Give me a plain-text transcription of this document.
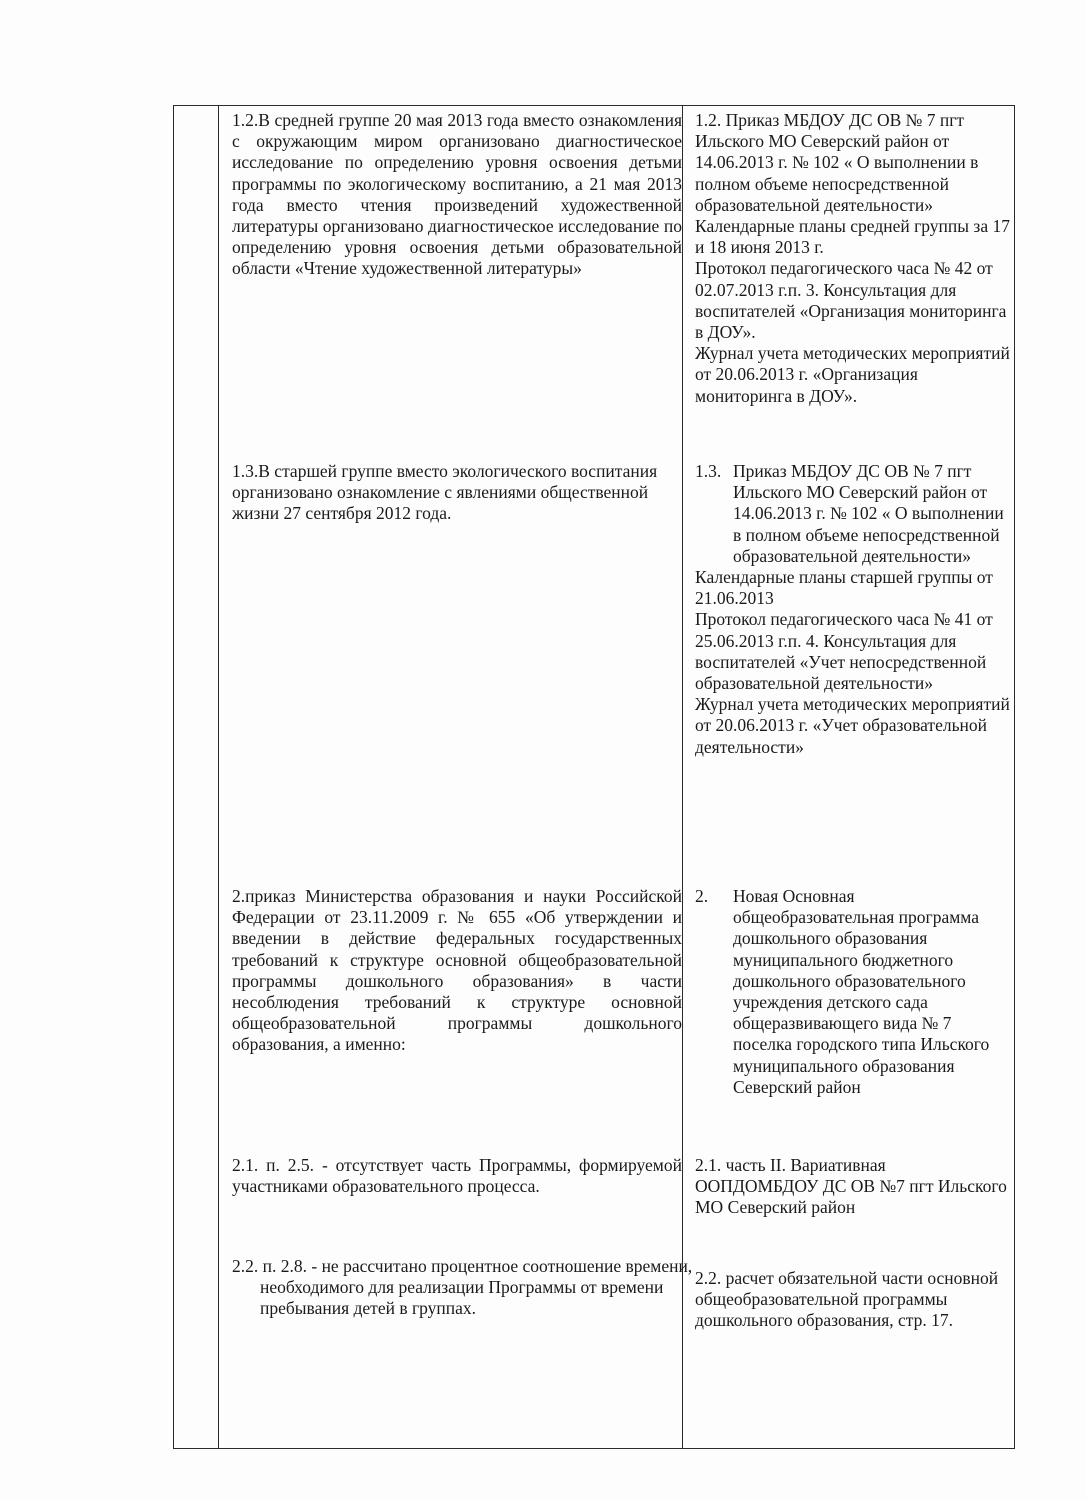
1.2.В средней группе 20 мая 2013 года вместо ознакомления с окружающим миром организовано диагностическое исследование по определению уровня освоения детьми программы по экологическому воспитанию, а 21 мая 2013 года вместо чтения произведений художественной литературы организовано диагностическое исследование по определению уровня освоения детьми образовательной области «Чтение художественной литературы»
1.2. Приказ МБДОУ ДС ОВ № 7 пгт Ильского МО Северский район от 14.06.2013 г. № 102 « О выполнении в полном объеме непосредственной образовательной деятельности»
Календарные планы средней группы за 17 и 18 июня 2013 г.
Протокол педагогического часа № 42 от 02.07.2013 г.п. 3. Консультация для воспитателей «Организация мониторинга в ДОУ».
Журнал учета методических мероприятий от 20.06.2013 г. «Организация мониторинга в ДОУ».
1.3.В старшей группе вместо экологического воспитания организовано ознакомление с явлениями общественной жизни 27 сентября 2012 года.
1.3. Приказ МБДОУ ДС ОВ № 7 пгт Ильского МО Северский район от 14.06.2013 г. № 102 « О выполнении в полном объеме непосредственной образовательной деятельности»
Календарные планы старшей группы от 21.06.2013
Протокол педагогического часа № 41 от 25.06.2013 г.п. 4. Консультация для воспитателей «Учет непосредственной образовательной деятельности»
Журнал учета методических мероприятий от 20.06.2013 г. «Учет образовательной деятельности»
2.приказ Министерства образования и науки Российской Федерации от 23.11.2009 г. № 655 «Об утверждении и введении в действие федеральных государственных требований к структуре основной общеобразовательной программы дошкольного образования» в части несоблюдения требований к структуре основной общеобразовательной программы дошкольного образования, а именно:
2.	Новая Основная общеобразовательная программа дошкольного образования муниципального бюджетного дошкольного образовательного учреждения детского сада общеразвивающего вида № 7 поселка городского типа Ильского муниципального образования Северский район
2.1. п. 2.5. - отсутствует часть Программы, формируемой участниками образовательного процесса.
2.1. часть II. Вариативная ООПДОМБДОУ ДС ОВ №7 пгт Ильского МО Северский район
2.2. п. 2.8. - не рассчитано процентное соотношение времени, необходимого для реализации Программы от времени пребывания детей в группах.
2.2. расчет обязательной части основной общеобразовательной программы дошкольного образования, стр. 17.
